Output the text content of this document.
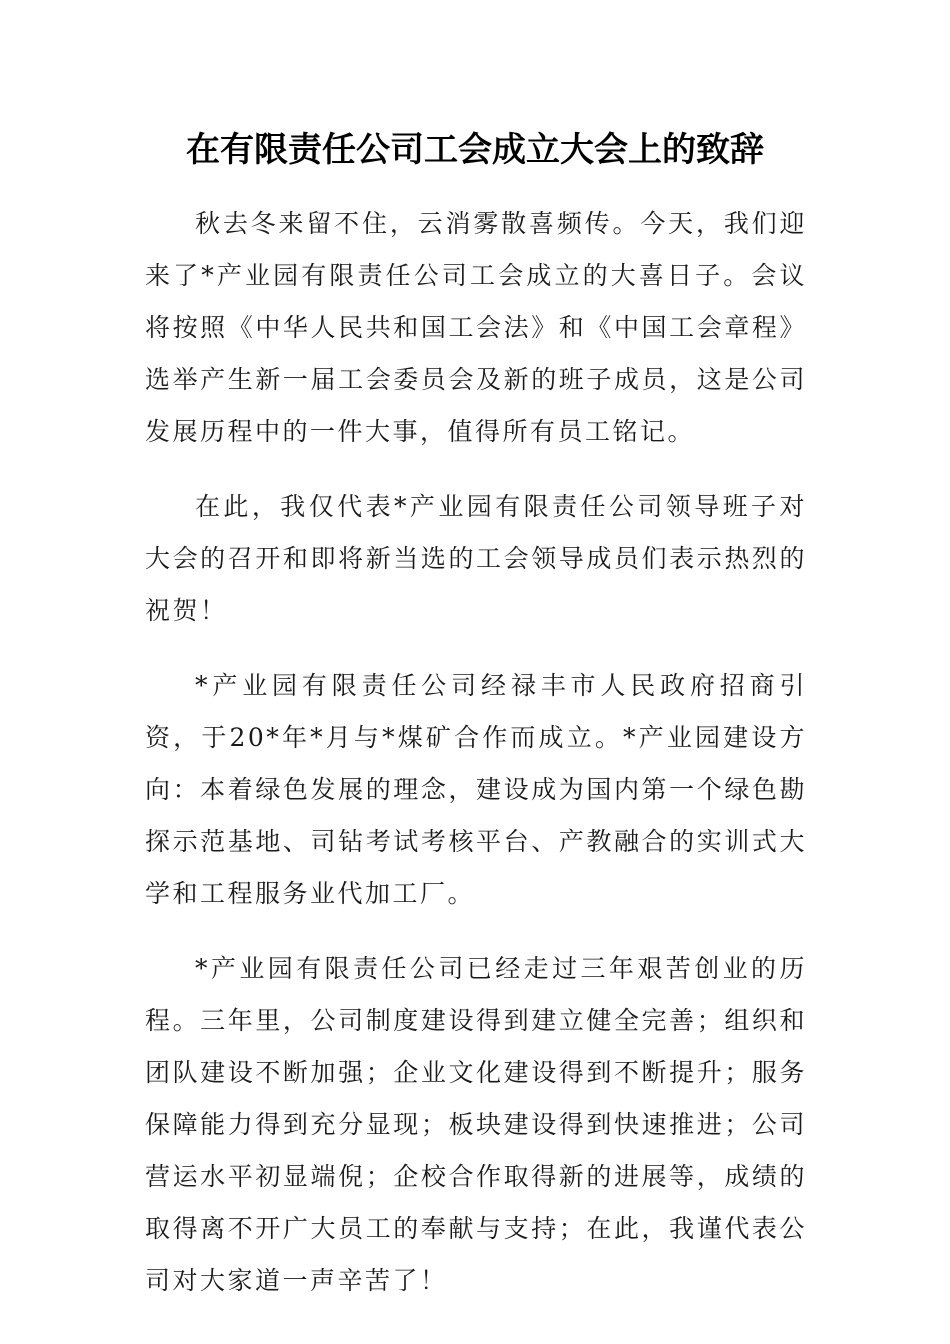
在有限责任公司工会成立大会上的致辞

秋去冬来留不住，云消雾散喜频传。今天，我们迎来了*产业园有限责任公司工会成立的大喜日子。会议将按照《中华人民共和国工会法》和《中国工会章程》选举产生新一届工会委员会及新的班子成员，这是公司发展历程中的一件大事，值得所有员工铭记。

在此，我仅代表*产业园有限责任公司领导班子对大会的召开和即将新当选的工会领导成员们表示热烈的祝贺！

*产业园有限责任公司经禄丰市人民政府招商引资，于20*年*月与*煤矿合作而成立。*产业园建设方向：本着绿色发展的理念，建设成为国内第一个绿色勘探示范基地、司钻考试考核平台、产教融合的实训式大学和工程服务业代加工厂。

*产业园有限责任公司已经走过三年艰苦创业的历程。三年里，公司制度建设得到建立健全完善；组织和团队建设不断加强；企业文化建设得到不断提升；服务保障能力得到充分显现；板块建设得到快速推进；公司营运水平初显端倪；企校合作取得新的进展等，成绩的取得离不开广大员工的奉献与支持；在此，我谨代表公司对大家道一声辛苦了！
